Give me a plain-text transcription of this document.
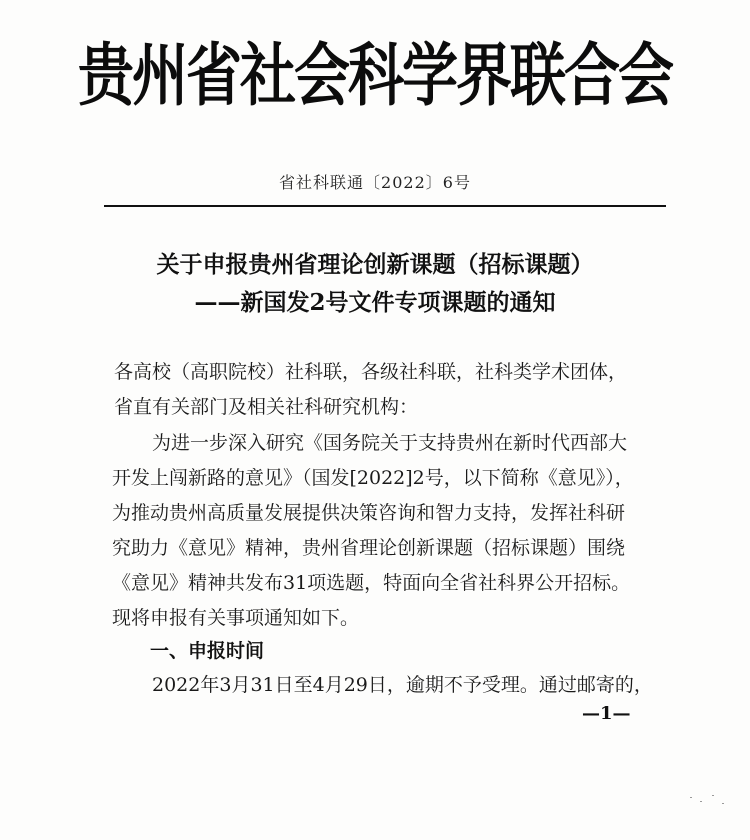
贵州省社会科学界联合会
省社科联通〔2022〕6号
关于申报贵州省理论创新课题（招标课题）
——新国发2号文件专项课题的通知
各高校（高职院校）社科联，各级社科联，社科类学术团体，
省直有关部门及相关社科研究机构：
为进一步深入研究《国务院关于支持贵州在新时代西部大
开发上闯新路的意见》（国发[2022]2号，以下简称《意见》），
为推动贵州高质量发展提供决策咨询和智力支持，发挥社科研
究助力《意见》精神，贵州省理论创新课题（招标课题）围绕
《意见》精神共发布31项选题，特面向全省社科界公开招标。
现将申报有关事项通知如下。
一、申报时间
2022年3月31日至4月29日，逾期不予受理。通过邮寄的，
—1—
